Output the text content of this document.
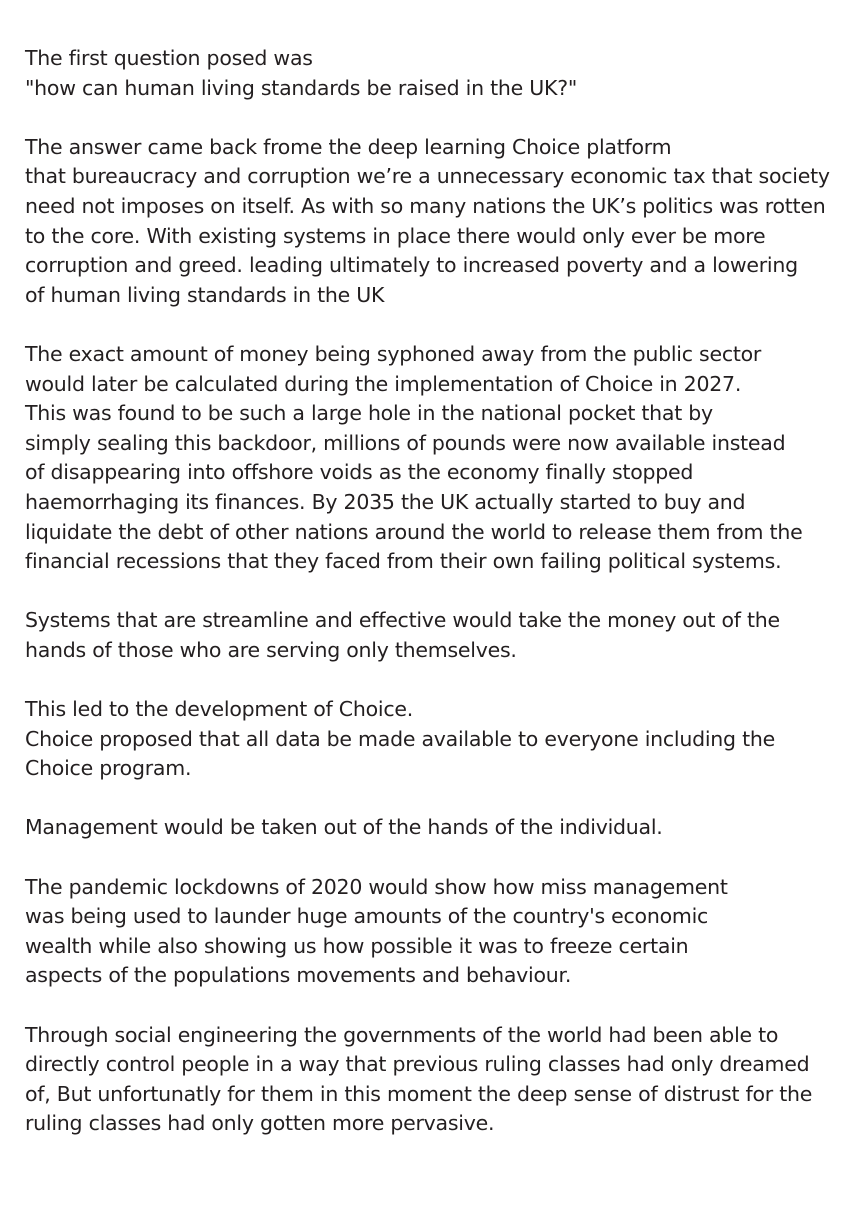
The first question posed was
"how can human living standards be raised in the UK?"
The answer came back frome the deep learning Choice platform
that bureaucracy and corruption we’re a unnecessary economic tax that society
need not imposes on itself. As with so many nations the UK’s politics was rotten
to the core. With existing systems in place there would only ever be more
corruption and greed. leading ultimately to increased poverty and a lowering
of human living standards in the UK
The exact amount of money being syphoned away from the public sector
would later be calculated during the implementation of Choice in 2027.
This was found to be such a large hole in the national pocket that by
simply sealing this backdoor, millions of pounds were now available instead
of disappearing into offshore voids as the economy finally stopped
haemorrhaging its finances. By 2035 the UK actually started to buy and
liquidate the debt of other nations around the world to release them from the
financial recessions that they faced from their own failing political systems.
Systems that are streamline and effective would take the money out of the
hands of those who are serving only themselves.
This led to the development of Choice.
Choice proposed that all data be made available to everyone including the
Choice program.
Management would be taken out of the hands of the individual.
The pandemic lockdowns of 2020 would show how miss management
was being used to launder huge amounts of the country's economic
wealth while also showing us how possible it was to freeze certain
aspects of the populations movements and behaviour.
Through social engineering the governments of the world had been able to
directly control people in a way that previous ruling classes had only dreamed
of, But unfortunatly for them in this moment the deep sense of distrust for the
ruling classes had only gotten more pervasive.
